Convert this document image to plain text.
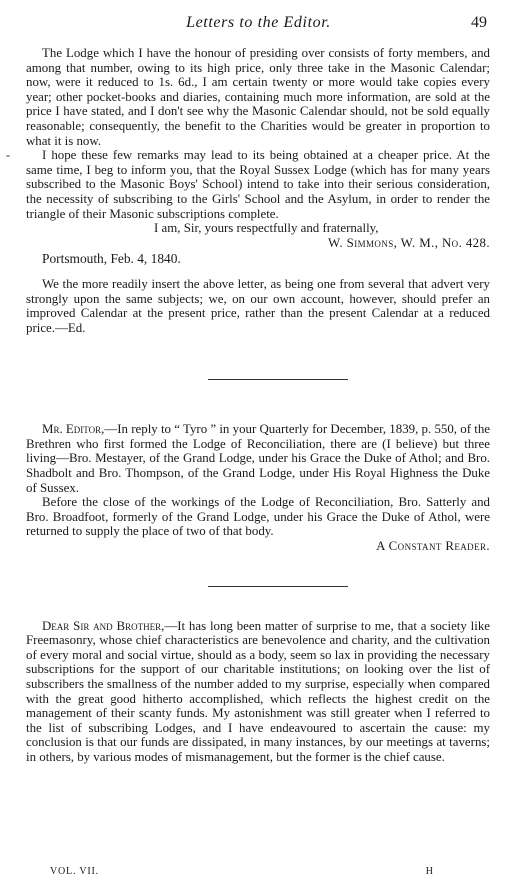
Letters to the Editor.	49
-

The Lodge which I have the honour of presiding over consists of forty members, and among that number, owing to its high price, only three take in the Masonic Calendar; now, were it reduced to 1s. 6d., I am certain twenty or more would take copies every year; other pocket-books and diaries, containing much more information, are sold at the price I have stated, and I don't see why the Masonic Calendar should, not be sold equally reasonable; consequently, the benefit to the Charities would be greater in proportion to what it is now.

I hope these few remarks may lead to its being obtained at a cheaper price. At the same time, I beg to inform you, that the Royal Sussex Lodge (which has for many years subscribed to the Masonic Boys' School) intend to take into their serious consideration, the necessity of subscribing to the Girls' School and the Asylum, in order to render the triangle of their Masonic subscriptions complete.

I am, Sir, yours respectfully and fraternally,

W. Simmons, W. M., No. 428.

Portsmouth, Feb. 4, 1840.

We the more readily insert the above letter, as being one from several that advert very strongly upon the same subjects; we, on our own account, however, should prefer an improved Calendar at the present price, rather than the present Calendar at a reduced price.—Ed.

Mr. Editor,—In reply to “ Tyro ” in your Quarterly for December, 1839, p. 550, of the Brethren who first formed the Lodge of Reconciliation, there are (I believe) but three living—Bro. Mestayer, of the Grand Lodge, under his Grace the Duke of Athol; and Bro. Shadbolt and Bro. Thompson, of the Grand Lodge, under His Royal Highness the Duke of Sussex.

Before the close of the workings of the Lodge of Reconciliation, Bro. Satterly and Bro. Broadfoot, formerly of the Grand Lodge, under his Grace the Duke of Athol, were returned to supply the place of two of that body.

A Constant Reader.

Dear Sir and Brother,—It has long been matter of surprise to me, that a society like Freemasonry, whose chief characteristics are benevolence and charity, and the cultivation of every moral and social virtue, should as a body, seem so lax in providing the necessary subscriptions for the support of our charitable institutions; on looking over the list of subscribers the smallness of the number added to my surprise, especially when compared with the great good hitherto accomplished, which reflects the highest credit on the management of their scanty funds. My astonishment was still greater when I referred to the list of subscribing Lodges, and I have endeavoured to ascertain the cause: my conclusion is that our funds are dissipated, in many instances, by our meetings at taverns; in others, by various modes of mismanagement, but the former is the chief cause.

VOL. VII.	H
